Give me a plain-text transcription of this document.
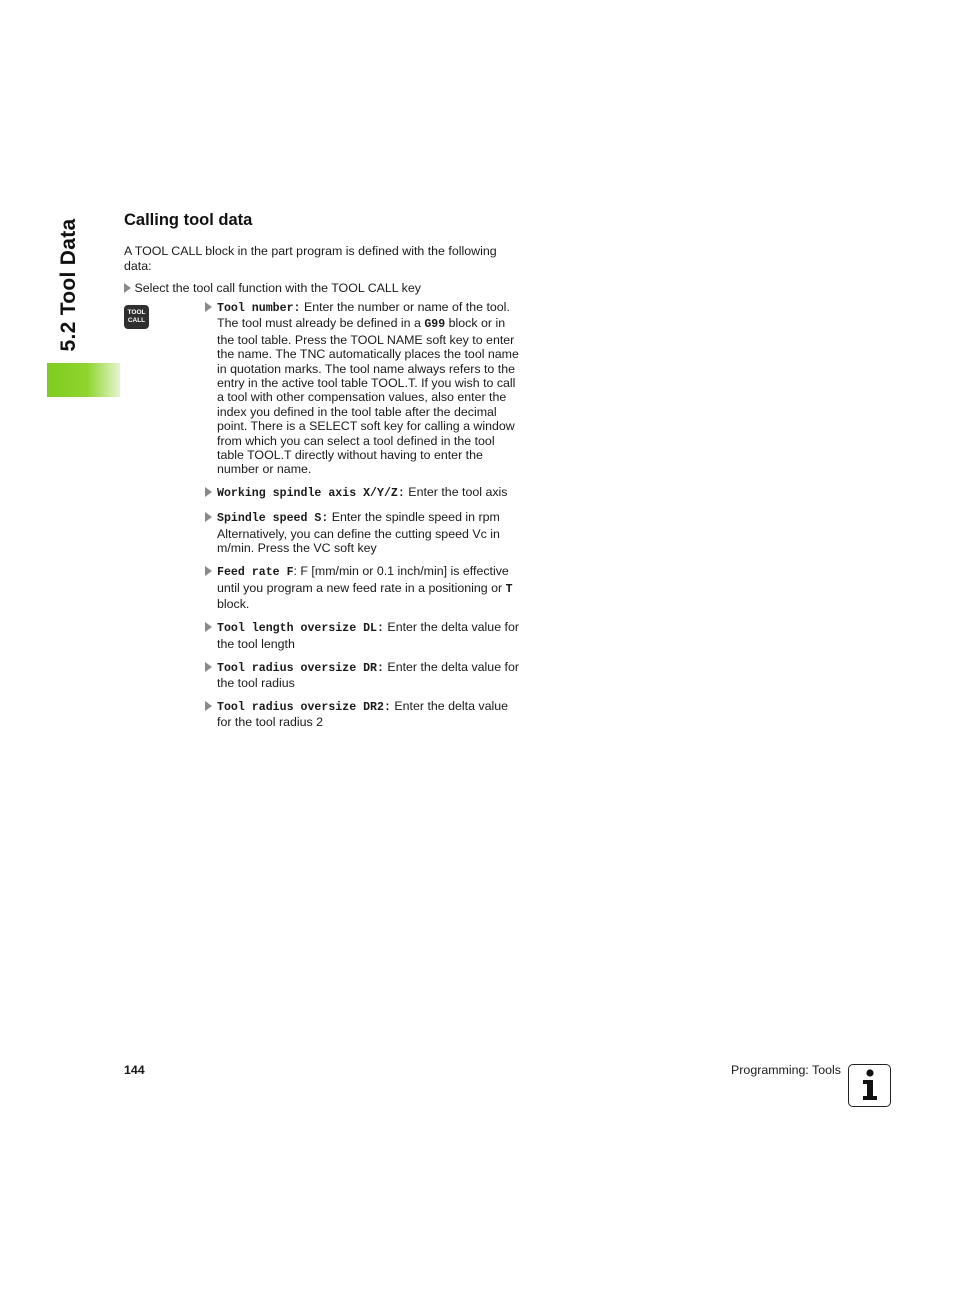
5.2 Tool Data	Calling tool data

A TOOL CALL block in the part program is defined with the following data:

Select the tool call function with the TOOL CALL key
TOOL
CALL
Tool number: Enter the number or name of the tool. The tool must already be defined in a G99 block or in the tool table. Press the TOOL NAME soft key to enter the name. The TNC automatically places the tool name in quotation marks. The tool name always refers to the entry in the active tool table TOOL.T. If you wish to call a tool with other compensation values, also enter the index you defined in the tool table after the decimal point. There is a SELECT soft key for calling a window from which you can select a tool defined in the tool table TOOL.T directly without having to enter the number or name.
Working spindle axis X/Y/Z: Enter the tool axis
Spindle speed S: Enter the spindle speed in rpm Alternatively, you can define the cutting speed Vc in m/min. Press the VC soft key
Feed rate F: F [mm/min or 0.1 inch/min] is effective until you program a new feed rate in a positioning or T block.
Tool length oversize DL: Enter the delta value for the tool length
Tool radius oversize DR: Enter the delta value for the tool radius
Tool radius oversize DR2: Enter the delta value for the tool radius 2
144	Programming: Tools
